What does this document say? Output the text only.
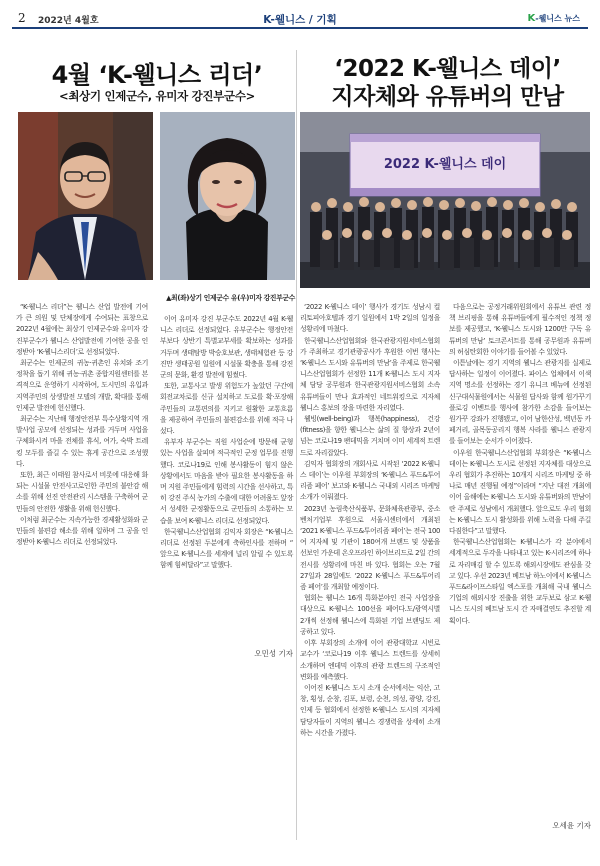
2 2022년 4월호	K-웰니스 / 기획	K-웰니스 뉴스
4월 ‘K-웰니스 리더’
<최상기 인제군수, 유미자 강진부군수>
▲최(좌)상기 인제군수 유(우)미자 강진부군수

“K-웰니스 리더”는 웰니스 산업 발전에 기여가 큰 의원 및 단체장에게 수여되는 표창으로 2022년 4월에는 최상기 인제군수와 유미자 강진부군수가 웰니스 산업발전에 기여한 공을 인정받아 ‘K-웰니스리더’로 선정되었다.

최군수는 인제군의 귀농·귀촌인 유치와 조기정착을 돕기 위해 귀농·귀촌 종합지원센터를 본격적으로 운영하기 시작하여, 도시민의 유입과 지역주민의 상생발전 모델의 개발, 확대를 통해 인제군 발전에 헌신했다.

최군수는 지난해 행정안전부 특수상황지역 개발사업 공모에 선정되는 성과를 거두며 사업을 구체화시켜 마을 전체를 휴식, 여가, 숙박 트레킹 모두를 즐길 수 있는 휴게 공간으로 조성했다.

또한, 최근 이태원 참사로서 비롯에 대응해 화되는 시설물 안전사고로인한 주민의 불안감 해소를 위해 선진 안전관리 시스템을 구축하여 군민들의 안전한 생활을 위해 헌신했다.

이처럼 최군수는 지속가능한 경제활성화와 군민들의 불편감 해소를 위해 일하며 그 공을 인정받아 K-웰니스 리더로 선정되었다.

이어 유미자 강진 부군수도 2022년 4월 K-웰니스 리더로 선정되었다. 유부군수는 행정안전부보다 상반기 특별교부세를 확보하는 성과를 거두며 생태탐방 박승호보관, 생태체험관 등 강진만 생태공원 일원에 시설물 확충을 통해 강진군의 문화, 환경 발전에 힘썼다.

또한, 교통사고 발생 위험도가 높았던 구간에 회전교차로를 신규 설치하고 도로를 확·포장해 주민들의 교통편의를 지키고 원활한 교통흐름을 제공하여 주민들의 불편감소를 위해 적극 나섰다.

유부자 부군수는 직원 사업순에 방문해 균형 있는 사업을 살피며 적극적인 군정 업무를 진행했다. 코로나19로 인해 봉사활동이 힘지 않은 상황에서도 마음을 받아 필요한 봉사활동을 하며 지원 주민들에게 힘력의 시간을 선사하고, 특히 강진 주식 농가의 수출에 대한 어려움도 앞장서 성세한 군정활동으로 군민들의 소통하는 모습을 보여 K-웰니스 리더로 선정되었다.

한국웰니스산업협회 김익자 회장은 “K-웰니스리더로 선정된 두분에게 축하인사를 전하며 “ 앞으로 K-웰니스를 세계에 널리 알릴 수 있도록 함께 힘써달라”고 말했다.

오민성 기자
‘2022 K-웰니스 데이’
지자체와 유튜버의 만남
2022 K-웰니스 데이

‘2022 K-웰니스 데이’ 행사가 경기도 성남시 컬리토피아호텔과 경기 일원에서 1박 2일의 일정을 성황리에 마쳤다.

한국웰니스산업협회와 한국관광지원서비스협회가 주최하고 경기관광공사가 후원한 이번 행사는 ‘K-웰니스 도시와 유튜버의 만남’을 주제로 한국웰니스산업협회가 선정한 11개 K-웰니스 도시 지자체 담당 공무원과 한국관광지원서비스협회 소속 유튜버들이 만나 효과적인 네트워킹으로 지자체 웰니스 홍보의 장을 마련한 자리였다.

웰빙(well-being)과 행복(happiness), 건강(fitness)을 향한 웰니스는 삶의 질 향상과 2년이 넘는 코로나19 팬데믹을 거치며 이미 세계적 트렌드로 자리잡았다.

김익자 협회장의 개회사로 시작된 ‘2022 K-웰니스 데이’는 이우원 부회장의 ‘K-웰니스 푸드&투어리즘 페어’ 보고와 K-웰니스 국내외 시리즈 마케팅 소개가 이뤄졌다.

2023년 농림축산식품부, 문화체육관광부, 중소벤처기업부 후원으로 서울시센터에서 개최된 ‘2021 K-웰니스 푸드&투어리즘 페어’는 전국 100여 지자체 및 기관이 180여개 브랜드 및 상품을 선보인 가운데 온오프라인 하이브리드로 2일 간의 전시를 성황리에 마친 바 있다. 협회는 오는 7월 27일과 28일에도 ‘2022 K-웰니스 푸드&투어리즘 페어’를 개최할 예정이다.

협회는 웰니스 16개 특화분야인 전국 사업장을 대상으로 K-웰니스 100선을 페어다.도/광역시별 2개씩 선정해 웰니스에 특화된 기업 브랜딩도 제공하고 있다.

이후 부회장의 소개에 이어 관광대학교 시빈로 교수가 ‘코로나19 이후 웰니스 트렌드를 상세히 소개하며 엔데믹 이후의 관광 트렌드의 구조적인 변화를 예측했다.

이어진 K-웰니스 도시 소개 순서에서는 익산, 고창, 횡성, 순창, 김포, 보령, 순천, 의성, 광양, 강진, 인제 등 협회에서 선정한 K-웰니스 도시의 지자체 담당자들이 지역의 웰니스 경쟁력을 상세히 소개하는 시간을 가졌다.

다음으로는 공정거래위원회에서 유튜브 관련 정책 브리핑을 통해 유튜버들에게 필수적인 정책 정보를 제공했고, ‘K-웰니스 도시와 1200만 구독 유튜버의 만남’ 토크콘서트를 통해 공무원과 유튜버의 허심탄회한 이야기를 들어볼 수 있었다.

이튿날에는 경기 지역의 웰니스 관광지를 실제로 답사하는 일정이 이어졌다. 파이스 업체에서 이색 지역 명소를 선정하는 경기 유니크 베뉴에 선정된 신구대식물원에서는 식물원 답사와 함께 원가꾸기플로깅 이벤트를 행사에 참가한 소감을 들어보는 원가꾸 강좌가 진행됐고, 이어 남한산성, 백년동 카페거리, 골목동공리지 행복 사라를 웰니스 관광지를 들어보는 순서가 이어졌다.

이우원 한국웰니스산업협회 부회장은 “K-웰니스 데이는 K-웰니스 도시로 선정된 지자체를 대상으로 우리 협회가 추진하는 10개지 시리즈 마케팅 중 하나로 매년 진행될 예정”이라며 “지난 대전 개최에 이어 올해에는 K-웰니스 도시와 유튜버와의 만남이란 주제로 성남에서 개최했다. 앞으로도 우리 협회는 K-웰니스 도시 활성화를 위해 노력을 다해 주길 다짐한다”고 말했다.

한국웰니스산업협회는 K-웰니스가 각 분야에서 세계적으로 두각을 나타내고 있는 K-시리즈에 하나로 자리매김 할 수 있도록 해외시장에도 관심을 갖고 있다. 우선 2023년 베트남 하노이에서 K-웰니스 푸드&라이프스타일 엑스포를 개최해 국내 웰니스 기업의 해외시장 진출을 위한 교두보로 삼고 K-웰니스 도시의 베트남 도시 간 자매결연도 추진할 계획이다.

오세윤 기자
